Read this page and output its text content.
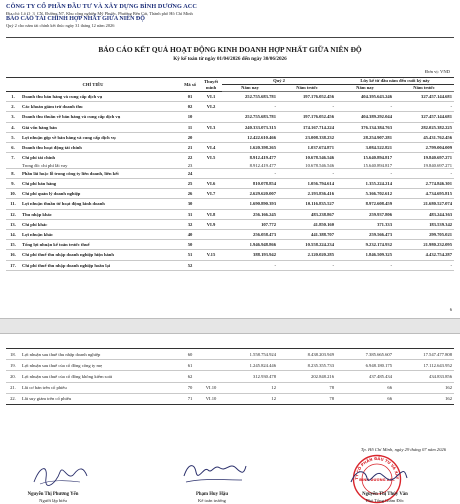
CÔNG TY CỔ PHẦN ĐẦU TƯ VÀ XÂY DỰNG BÌNH DƯƠNG ACC
Địa chỉ: Lô O_3_CN, Đường N7, Khu công nghiệp Mỹ Phước, Phường Bến Cát, Thành phố Hồ Chí Minh
BÁO CÁO TÀI CHÍNH HỢP NHẤT GIỮA NIÊN ĐỘ
Quý 2 cho năm tài chính kết thúc ngày 31 tháng 12 năm 2026
BÁO CÁO KẾT QUẢ HOẠT ĐỘNG KINH DOANH HỢP NHẤT GIỮA NIÊN ĐỘ
Kỳ kế toán từ ngày 01/04/2026 đến ngày 30/06/2026
Đơn vị: VND
CHỈ TIÊU		Mã số	Thuyết minh	Quý 2		Lũy kế từ đầu năm đến cuối kỳ này	
				Năm nay	Năm trước	Năm nay	Năm trước
1.	Doanh thu bán hàng và cung cấp dịch vụ	01	VI.1	252.755.683.781	197.176.052.456	404.395.643.246	327.457.144.681
2.	Các khoản giảm trừ doanh thu	02	VI.2	-	-	-	-
3.	Doanh thu thuần về bán hàng và cung cấp dịch vụ	10		252.755.683.781	197.176.052.456	404.389.292.044	327.457.144.681
4.	Giá vốn hàng bán	11	VI.3	240.333.073.315	174.167.714.224	376.134.384.763	282.025.382.225
5.	Lợi nhuận gộp về bán hàng và cung cấp dịch vụ	20		12.422.610.466	23.008.338.232	28.254.907.281	45.431.762.456
6.	Doanh thu hoạt động tài chính	21	VI.4	1.620.398.265	1.037.674.871	3.084.522.821	2.799.004.009
7.	Chi phí tài chính	22	VI.5	8.912.419.477	10.678.546.546	15.640.894.817	19.840.697.271
	Trong đó: chi phí lãi vay	23		8.912.419.477	10.678.546.546	15.640.894.817	19.840.697.271
8.	Phần lãi hoặc lỗ trong công ty liên doanh, liên kết	24		-	-	-	-
9.	Chi phí bán hàng	25	VI.6	810.078.854	1.056.794.614	1.355.224.214	2.774.846.301
10.	Chi phí quản lý doanh nghiệp	26	VI.7	2.629.620.007	2.193.836.416	5.366.702.612	4.734.695.815
11.	Lợi nhuận thuần từ hoạt động kinh doanh	30		1.690.890.393	10.116.835.527	8.972.608.459	21.680.527.074
12.	Thu nhập khác	31	VI.8	256.166.245	483.238.867	259.937.806	483.244.363
13.	Chi phí khác	32	VI.9	107.772	41.850.160	371.333	183.539.342
14.	Lợi nhuận khác	40		256.058.473	441.388.707	259.566.473	299.705.021
15.	Tổng lợi nhuận kế toán trước thuế	50		1.946.948.866	10.558.224.234	9.232.174.932	21.980.232.095
16.	Chi phí thuế thu nhập doanh nghiệp hiện hành	51	V.15	388.193.942	2.120.020.285	1.846.509.325	4.432.754.287
17.	Chi phí thuế thu nhập doanh nghiệp hoãn lại	52		-	-	-	-
6
18.	Lợi nhuận sau thuế thu nhập doanh nghiệp	60		1.558.754.924	8.438.203.949	7.385.665.607	17.547.477.808
19.	Lợi nhuận sau thuế của cổ đông công ty mẹ	61		1.245.824.446	8.235.355.733	6.948.180.175	17.112.643.952
20.	Lợi nhuận sau thuế của cổ đông không kiểm soát	62		312.930.478	202.848.216	437.485.434	434.833.856
21.	Lãi cơ bản trên cổ phiếu	70	VI.10	12	78	66	162
22.	Lãi suy giảm trên cổ phiếu	71	VI.10	12	78	66	162
Tp. Hồ Chí Minh, ngày 29 tháng 07 năm 2026
TY CỔ PHẦN ĐẦU TƯ VÀ XÂY
BÌNH DƯƠNG ACC
Nguyễn Thị Phương Yến
Người lập biểu
Phạm Huy Hậu
Kế toán trưởng
Nguyễn Thị Thúy Vân
Phó Tổng Giám Đốc
